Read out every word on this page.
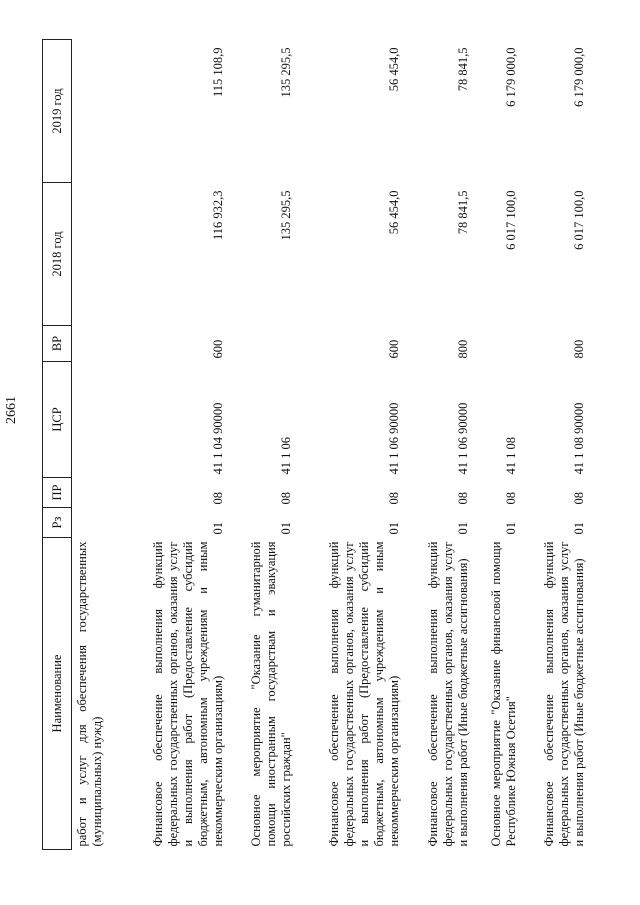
2661
Наименование	Рз	ПР	ЦСР	ВР	2018 год	2019 год
работ и услуг для обеспечения государственных (муниципальных) нужд)						
Финансовое обеспечение выполнения функций федеральных государственных органов, оказания услуг и выполнения работ (Предоставление субсидий бюджетным, автономным учреждениям и иным некоммерческим организациям)	01	08	41 1 04 90000	600	116 932,3	115 108,9
Основное мероприятие "Оказание гуманитарной помощи иностранным государствам и эвакуация российских граждан"	01	08	41 1 06		135 295,5	135 295,5
Финансовое обеспечение выполнения функций федеральных государственных органов, оказания услуг и выполнения работ (Предоставление субсидий бюджетным, автономным учреждениям и иным некоммерческим организациям)	01	08	41 1 06 90000	600	56 454,0	56 454,0
Финансовое обеспечение выполнения функций федеральных государственных органов, оказания услуг и выполнения работ (Иные бюджетные ассигнования)	01	08	41 1 06 90000	800	78 841,5	78 841,5
Основное мероприятие "Оказание финансовой помощи Республике Южная Осетия"	01	08	41 1 08		6 017 100,0	6 179 000,0
Финансовое обеспечение выполнения функций федеральных государственных органов, оказания услуг и выполнения работ (Иные бюджетные ассигнования)	01	08	41 1 08 90000	800	6 017 100,0	6 179 000,0
